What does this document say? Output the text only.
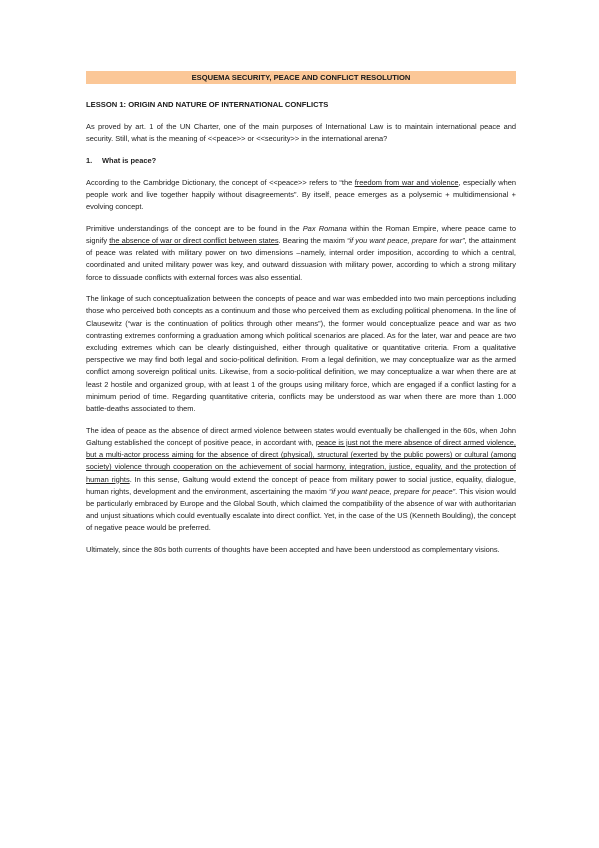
ESQUEMA SECURITY, PEACE AND CONFLICT RESOLUTION
LESSON 1: ORIGIN AND NATURE OF INTERNATIONAL CONFLICTS

As proved by art. 1 of the UN Charter, one of the main purposes of International Law is to maintain international peace and security. Still, what is the meaning of <<peace>> or <<security>> in the international arena?

1. What is peace?

According to the Cambridge Dictionary, the concept of <<peace>> refers to “the freedom from war and violence, especially when people work and live together happily without disagreements”. By itself, peace emerges as a polysemic + multidimensional + evolving concept.

Primitive understandings of the concept are to be found in the Pax Romana within the Roman Empire, where peace came to signify the absence of war or direct conflict between states. Bearing the maxim “if you want peace, prepare for war”, the attainment of peace was related with military power on two dimensions –namely, internal order imposition, according to which a central, coordinated and united military power was key, and outward dissuasion with military power, according to which a strong military force to dissuade conflicts with external forces was also essential.

The linkage of such conceptualization between the concepts of peace and war was embedded into two main perceptions including those who perceived both concepts as a continuum and those who perceived them as excluding political phenomena. In the line of Clausewitz (“war is the continuation of politics through other means”), the former would conceptualize peace and war as two contrasting extremes conforming a graduation among which political scenarios are placed. As for the later, war and peace are two excluding extremes which can be clearly distinguished, either through qualitative or quantitative criteria. From a qualitative perspective we may find both legal and socio-political definition. From a legal definition, we may conceptualize war as the armed conflict among sovereign political units. Likewise, from a socio-political definition, we may conceptualize a war when there are at least 2 hostile and organized group, with at least 1 of the groups using military force, which are engaged if a conflict lasting for a minimum period of time. Regarding quantitative criteria, conflicts may be understood as war when there are more than 1.000 battle-deaths associated to them.

The idea of peace as the absence of direct armed violence between states would eventually be challenged in the 60s, when John Galtung established the concept of positive peace, in accordant with, peace is just not the mere absence of direct armed violence, but a multi-actor process aiming for the absence of direct (physical), structural (exerted by the public powers) or cultural (among society) violence through cooperation on the achievement of social harmony, integration, justice, equality, and the protection of human rights. In this sense, Galtung would extend the concept of peace from military power to social justice, equality, dialogue, human rights, development and the environment, ascertaining the maxim “if you want peace, prepare for peace”. This vision would be particularly embraced by Europe and the Global South, which claimed the compatibility of the absence of war with authoritarian and unjust situations which could eventually escalate into direct conflict. Yet, in the case of the US (Kenneth Boulding), the concept of negative peace would be preferred.

Ultimately, since the 80s both currents of thoughts have been accepted and have been understood as complementary visions.
